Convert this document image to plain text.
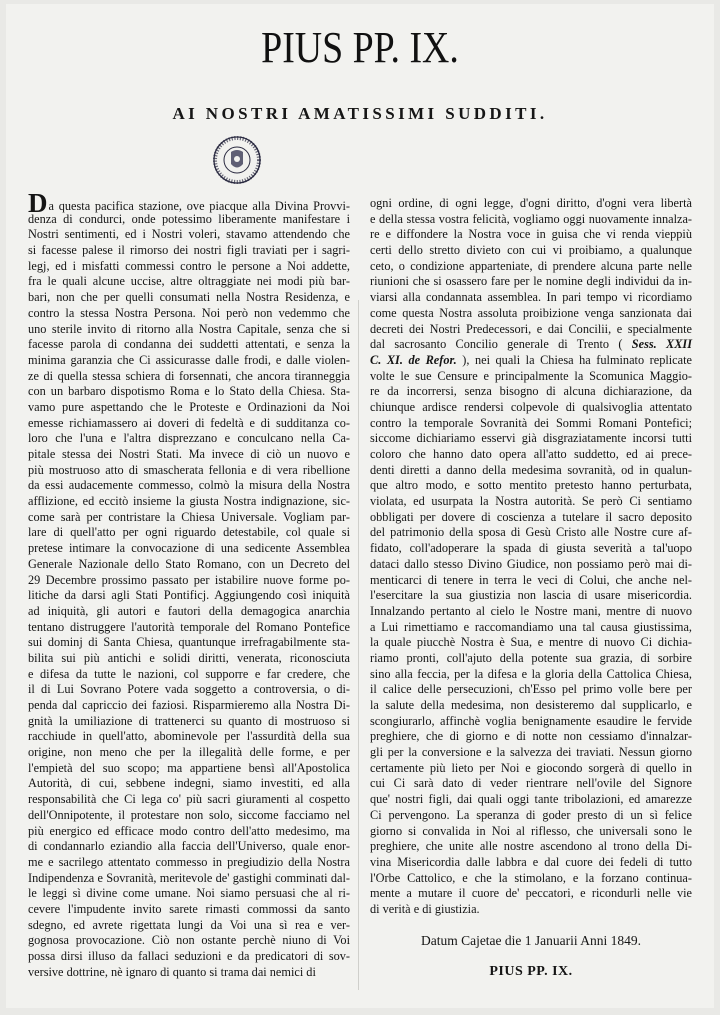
PIUS PP. IX.
AI NOSTRI AMATISSIMI SUDDITI.
Da questa pacifica stazione, ove piacque alla Divina Provvi-
denza di condurci, onde potessimo liberamente manifestare i
Nostri sentimenti, ed i Nostri voleri, stavamo attendendo che
si facesse palese il rimorso dei nostri figli traviati per i sagri-
legj, ed i misfatti commessi contro le persone a Noi addette,
fra le quali alcune uccise, altre oltraggiate nei modi più bar-
bari, non che per quelli consumati nella Nostra Residenza, e
contro la stessa Nostra Persona. Noi però non vedemmo che
uno sterile invito di ritorno alla Nostra Capitale, senza che si
facesse parola di condanna dei suddetti attentati, e senza la
minima garanzia che Ci assicurasse dalle frodi, e dalle violen-
ze di quella stessa schiera di forsennati, che ancora tiranneggia
con un barbaro dispotismo Roma e lo Stato della Chiesa. Sta-
vamo pure aspettando che le Proteste e Ordinazioni da Noi
emesse richiamassero ai doveri di fedeltà e di sudditanza co-
loro che l'una e l'altra disprezzano e conculcano nella Ca-
pitale stessa dei Nostri Stati. Ma invece di ciò un nuovo e
più mostruoso atto di smascherata fellonia e di vera ribellione
da essi audacemente commesso, colmò la misura della Nostra
afflizione, ed eccitò insieme la giusta Nostra indignazione, sic-
come sarà per contristare la Chiesa Universale. Vogliam par-
lare di quell'atto per ogni riguardo detestabile, col quale si
pretese intimare la convocazione di una sedicente Assemblea
Generale Nazionale dello Stato Romano, con un Decreto del
29 Decembre prossimo passato per istabilire nuove forme po-
litiche da darsi agli Stati Pontificj. Aggiungendo così iniquità
ad iniquità, gli autori e fautori della demagogica anarchia
tentano distruggere l'autorità temporale del Romano Pontefice
sui dominj di Santa Chiesa, quantunque irrefragabilmente sta-
bilita sui più antichi e solidi diritti, venerata, riconosciuta
e difesa da tutte le nazioni, col supporre e far credere, che
il di Lui Sovrano Potere vada soggetto a controversia, o di-
penda dal capriccio dei faziosi. Risparmieremo alla Nostra Di-
gnità la umiliazione di trattenerci su quanto di mostruoso si
racchiude in quell'atto, abominevole per l'assurdità della sua
origine, non meno che per la illegalità delle forme, e per
l'empietà del suo scopo; ma appartiene bensì all'Apostolica
Autorità, di cui, sebbene indegni, siamo investiti, ed alla
responsabilità che Ci lega co' più sacri giuramenti al cospetto
dell'Onnipotente, il protestare non solo, siccome facciamo nel
più energico ed efficace modo contro dell'atto medesimo, ma
di condannarlo eziandio alla faccia dell'Universo, quale enor-
me e sacrilego attentato commesso in pregiudizio della Nostra
Indipendenza e Sovranità, meritevole de' gastighi comminati dal-
le leggi sì divine come umane. Noi siamo persuasi che al ri-
cevere l'impudente invito sarete rimasti commossi da santo
sdegno, ed avrete rigettata lungi da Voi una sì rea e ver-
gognosa provocazione. Ciò non ostante perchè niuno di Voi
possa dirsi illuso da fallaci seduzioni e da predicatori di sov-
versive dottrine, nè ignaro di quanto si trama dai nemici di
ogni ordine, di ogni legge, d'ogni diritto, d'ogni vera libertà
e della stessa vostra felicità, vogliamo oggi nuovamente innalza-
re e diffondere la Nostra voce in guisa che vi renda vieppiù
certi dello stretto divieto con cui vi proibiamo, a qualunque
ceto, o condizione apparteniate, di prendere alcuna parte nelle
riunioni che si osassero fare per le nomine degli individui da in-
viarsi alla condannata assemblea. In pari tempo vi ricordiamo
come questa Nostra assoluta proibizione venga sanzionata dai
decreti dei Nostri Predecessori, e dai Concilii, e specialmente
dal sacrosanto Concilio generale di Trento ( Sess. XXII
C. XI. de Refor. ), nei quali la Chiesa ha fulminato replicate
volte le sue Censure e principalmente la Scomunica Maggio-
re da incorrersi, senza bisogno di alcuna dichiarazione, da
chiunque ardisce rendersi colpevole di qualsivoglia attentato
contro la temporale Sovranità dei Sommi Romani Pontefici;
siccome dichiariamo esservi già disgraziatamente incorsi tutti
coloro che hanno dato opera all'atto suddetto, ed ai prece-
denti diretti a danno della medesima sovranità, od in qualun-
que altro modo, e sotto mentito pretesto hanno perturbata,
violata, ed usurpata la Nostra autorità. Se però Ci sentiamo
obbligati per dovere di coscienza a tutelare il sacro deposito
del patrimonio della sposa di Gesù Cristo alle Nostre cure af-
fidato, coll'adoperare la spada di giusta severità a tal'uopo
dataci dallo stesso Divino Giudice, non possiamo però mai di-
menticarci di tenere in terra le veci di Colui, che anche nel-
l'esercitare la sua giustizia non lascia di usare misericordia.
Innalzando pertanto al cielo le Nostre mani, mentre di nuovo
a Lui rimettiamo e raccomandiamo una tal causa giustissima,
la quale piucchè Nostra è Sua, e mentre di nuovo Ci dichia-
riamo pronti, coll'ajuto della potente sua grazia, di sorbire
sino alla feccia, per la difesa e la gloria della Cattolica Chiesa,
il calice delle persecuzioni, ch'Esso pel primo volle bere per
la salute della medesima, non desisteremo dal supplicarlo, e
scongiurarlo, affinchè voglia benignamente esaudire le fervide
preghiere, che di giorno e di notte non cessiamo d'innalzar-
gli per la conversione e la salvezza dei traviati. Nessun giorno
certamente più lieto per Noi e giocondo sorgerà di quello in
cui Ci sarà dato di veder rientrare nell'ovile del Signore
que' nostri figli, dai quali oggi tante tribolazioni, ed amarezze
Ci pervengono. La speranza di goder presto di un sì felice
giorno si convalida in Noi al riflesso, che universali sono le
preghiere, che unite alle nostre ascendono al trono della Di-
vina Misericordia dalle labbra e dal cuore dei fedeli di tutto
l'Orbe Cattolico, e che la stimolano, e la forzano continua-
mente a mutare il cuore de' peccatori, e ricondurli nelle vie
di verità e di giustizia.
Datum Cajetae die 1 Januarii Anni 1849.
PIUS PP. IX.
